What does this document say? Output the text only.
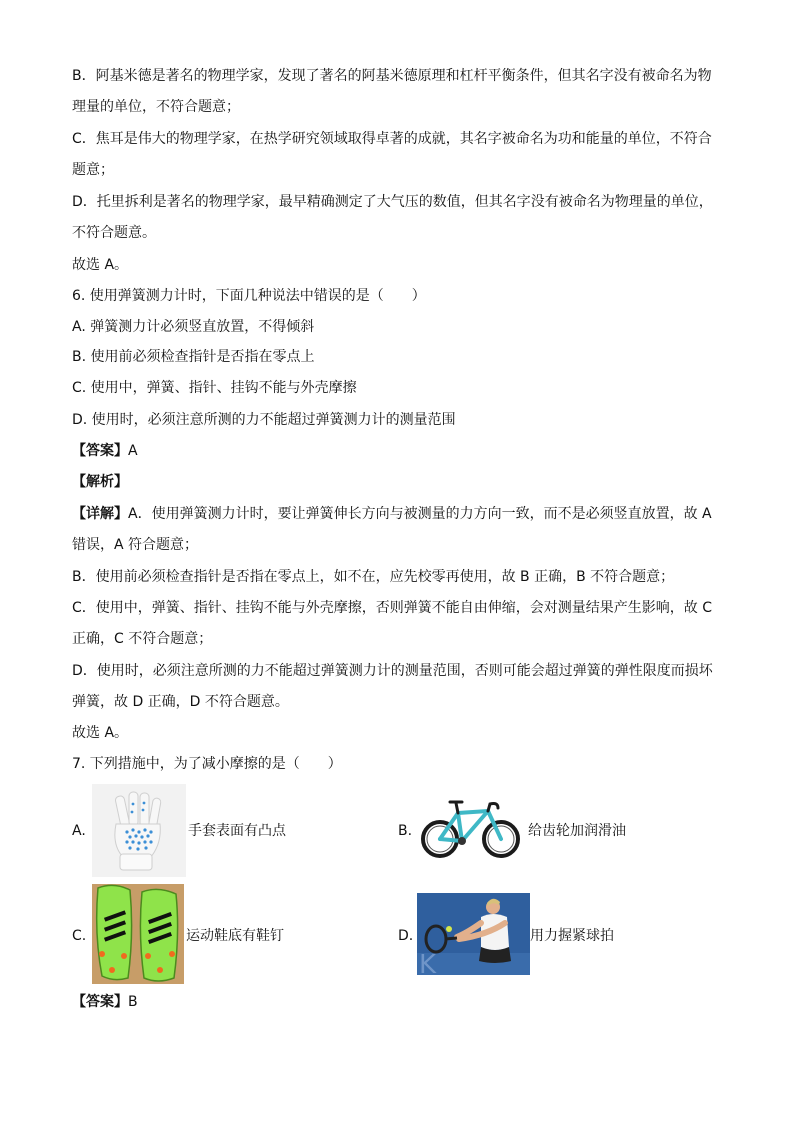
B．阿基米德是著名的物理学家，发现了著名的阿基米德原理和杠杆平衡条件，但其名字没有被命名为物
理量的单位，不符合题意；
C．焦耳是伟大的物理学家，在热学研究领域取得卓著的成就，其名字被命名为功和能量的单位，不符合
题意；
D．托里拆利是著名的物理学家，最早精确测定了大气压的数值，但其名字没有被命名为物理量的单位，
不符合题意。
故选 A。
6. 使用弹簧测力计时，下面几种说法中错误的是（　　）
A. 弹簧测力计必须竖直放置，不得倾斜
B. 使用前必须检查指针是否指在零点上
C. 使用中，弹簧、指针、挂钩不能与外壳摩擦
D. 使用时，必须注意所测的力不能超过弹簧测力计的测量范围
【答案】A
【解析】
【详解】A．使用弹簧测力计时，要让弹簧伸长方向与被测量的力方向一致，而不是必须竖直放置，故 A
错误，A 符合题意；
B．使用前必须检查指针是否指在零点上，如不在，应先校零再使用，故 B 正确，B 不符合题意；
C．使用中，弹簧、指针、挂钩不能与外壳摩擦，否则弹簧不能自由伸缩，会对测量结果产生影响，故 C
正确，C 不符合题意；
D．使用时，必须注意所测的力不能超过弹簧测力计的测量范围，否则可能会超过弹簧的弹性限度而损坏
弹簧，故 D 正确，D 不符合题意。
故选 A。
7. 下列措施中，为了减小摩擦的是（　　）
A.	手套表面有凸点	B.	给齿轮加润滑油
C.	运动鞋底有鞋钉	D.
K
用力握紧球拍
【答案】B
